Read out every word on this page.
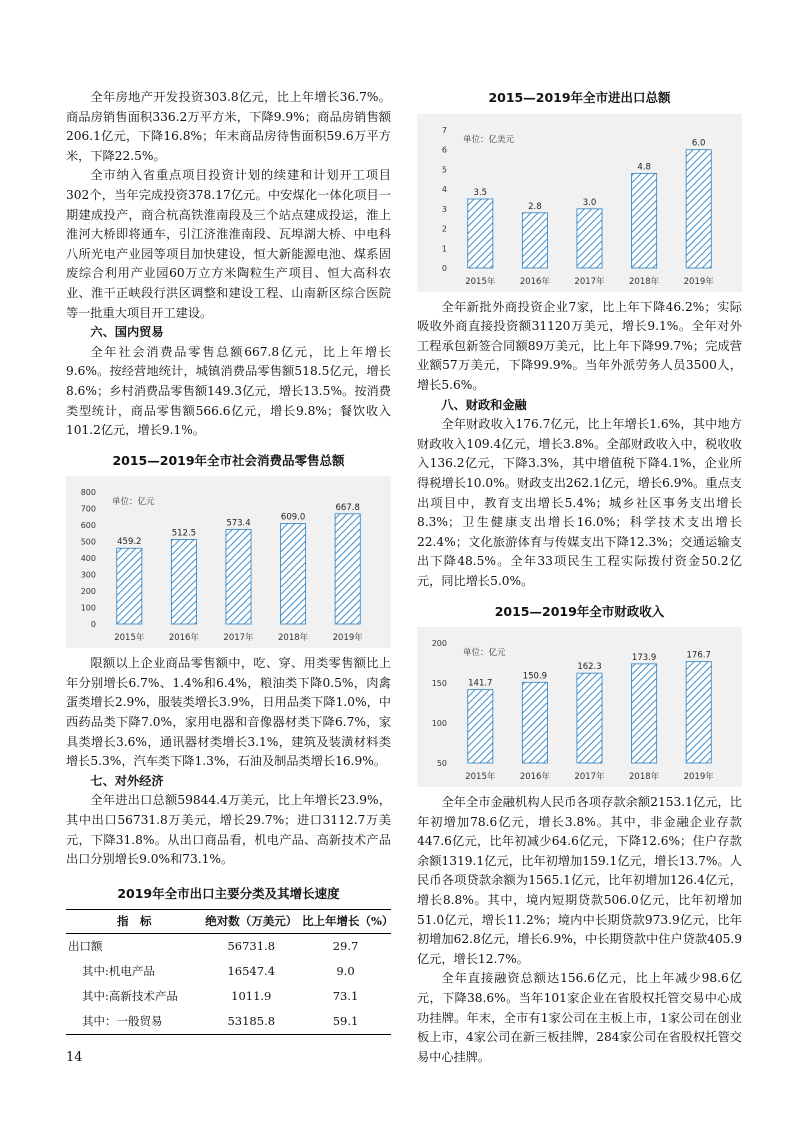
全年房地产开发投资303.8亿元，比上年增长36.7%。商品房销售面积336.2万平方米，下降9.9%；商品房销售额206.1亿元，下降16.8%；年末商品房待售面积59.6万平方米，下降22.5%。

全市纳入省重点项目投资计划的续建和计划开工项目302个，当年完成投资378.17亿元。中安煤化一体化项目一期建成投产，商合杭高铁淮南段及三个站点建成投运，淮上淮河大桥即将通车，引江济淮淮南段、瓦埠湖大桥、中电科八所光电产业园等项目加快建设，恒大新能源电池、煤系固废综合利用产业园60万立方米陶粒生产项目、恒大高科农业、淮干正峡段行洪区调整和建设工程、山南新区综合医院等一批重大项目开工建设。

六、国内贸易

全年社会消费品零售总额667.8亿元，比上年增长9.6%。按经营地统计，城镇消费品零售额518.5亿元，增长8.6%；乡村消费品零售额149.3亿元，增长13.5%。按消费类型统计，商品零售额566.6亿元，增长9.8%；餐饮收入101.2亿元，增长9.1%。

2015—2019年全市社会消费品零售总额
0
100
200
300
400
500
600
700
800
单位：亿元
459.2
2015年
512.5
2016年
573.4
2017年
609.0
2018年
667.8
2019年

限额以上企业商品零售额中，吃、穿、用类零售额比上年分别增长6.7%、1.4%和6.4%，粮油类下降0.5%，肉禽蛋类增长2.9%，服装类增长3.9%，日用品类下降1.0%，中西药品类下降7.0%，家用电器和音像器材类下降6.7%，家具类增长3.6%，通讯器材类增长3.1%，建筑及装潢材料类增长5.3%，汽车类下降1.3%，石油及制品类增长16.9%。

七、对外经济

全年进出口总额59844.4万美元，比上年增长23.9%，其中出口56731.8万美元，增长29.7%；进口3112.7万美元，下降31.8%。从出口商品看，机电产品、高新技术产品出口分别增长9.0%和73.1%。

2019年全市出口主要分类及其增长速度
指　标	绝对数（万美元）	比上年增长（%）
出口额	56731.8	29.7
其中:机电产品	16547.4	9.0
其中:高新技术产品	1011.9	73.1
其中：一般贸易	53185.8	59.1
2015—2019年全市进出口总额
0
1
2
3
4
5
6
7
单位：亿美元
3.5
2015年
2.8
2016年
3.0
2017年
4.8
2018年
6.0
2019年

全年新批外商投资企业7家，比上年下降46.2%；实际吸收外商直接投资额31120万美元，增长9.1%。全年对外工程承包新签合同额89万美元，比上年下降99.7%；完成营业额57万美元，下降99.9%。当年外派劳务人员3500人，增长5.6%。

八、财政和金融

全年财政收入176.7亿元，比上年增长1.6%，其中地方财政收入109.4亿元，增长3.8%。全部财政收入中，税收收入136.2亿元，下降3.3%，其中增值税下降4.1%，企业所得税增长10.0%。财政支出262.1亿元，增长6.9%。重点支出项目中，教育支出增长5.4%；城乡社区事务支出增长8.3%；卫生健康支出增长16.0%；科学技术支出增长22.4%；文化旅游体育与传媒支出下降12.3%；交通运输支出下降48.5%。全年33项民生工程实际拨付资金50.2亿元，同比增长5.0%。

2015—2019年全市财政收入
50
100
150
200
单位：亿元
141.7
2015年
150.9
2016年
162.3
2017年
173.9
2018年
176.7
2019年

全年全市金融机构人民币各项存款余额2153.1亿元，比年初增加78.6亿元，增长3.8%。其中，非金融企业存款447.6亿元，比年初减少64.6亿元，下降12.6%；住户存款余额1319.1亿元，比年初增加159.1亿元，增长13.7%。人民币各项贷款余额为1565.1亿元，比年初增加126.4亿元，增长8.8%。其中，境内短期贷款506.0亿元，比年初增加51.0亿元，增长11.2%；境内中长期贷款973.9亿元，比年初增加62.8亿元，增长6.9%，中长期贷款中住户贷款405.9亿元，增长12.7%。

全年直接融资总额达156.6亿元，比上年减少98.6亿元，下降38.6%。当年101家企业在省股权托管交易中心成功挂牌。年末，全市有1家公司在主板上市，1家公司在创业板上市，4家公司在新三板挂牌，284家公司在省股权托管交易中心挂牌。

14
